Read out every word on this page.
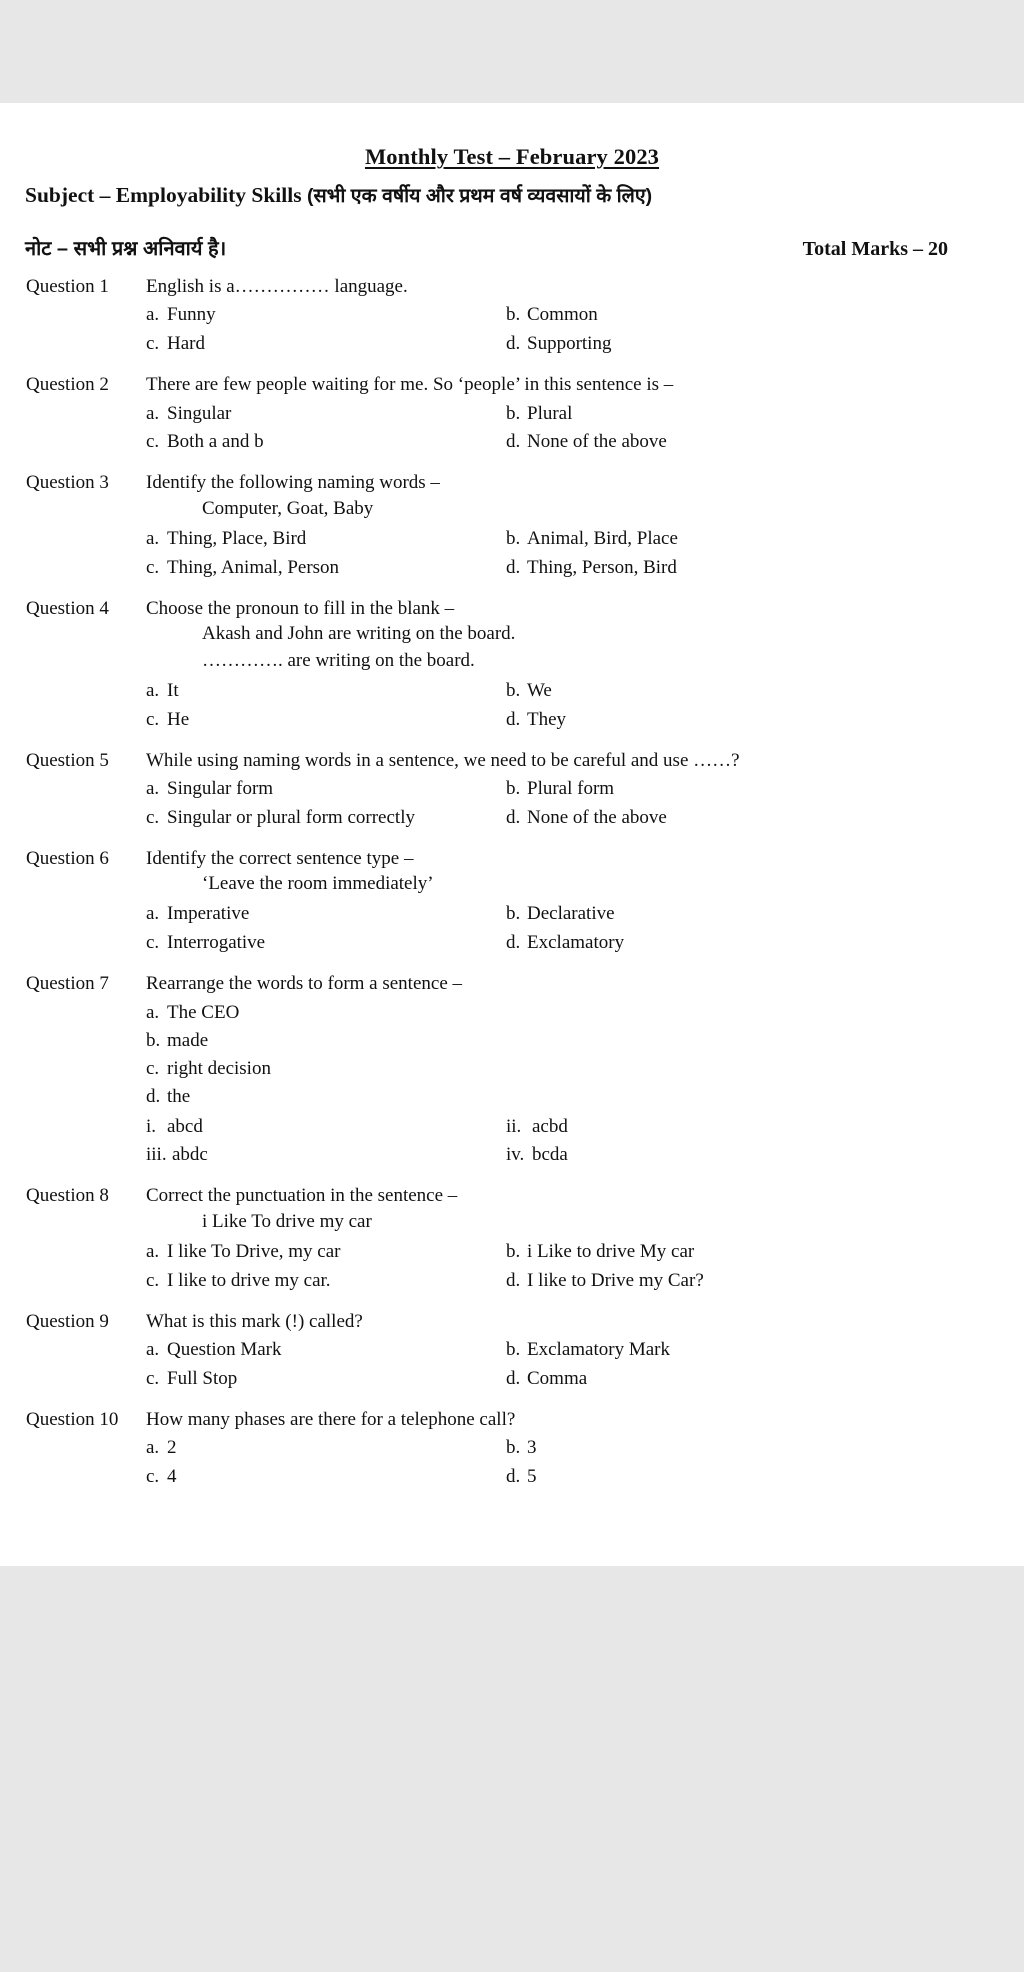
Monthly Test – February 2023
Subject – Employability Skills (सभी एक वर्षीय और प्रथम वर्ष व्यवसायों के लिए)
नोट – सभी प्रश्न अनिवार्य है।	Total Marks – 20
Question 1	English is a…………… language.
a. Funny	b. Common
c. Hard	d. Supporting
Question 2	There are few people waiting for me. So ‘people’ in this sentence is –
a. Singular	b. Plural
c. Both a and b	d. None of the above
Question 3	Identify the following naming words –
Computer, Goat, Baby
a. Thing, Place, Bird	b. Animal, Bird, Place
c. Thing, Animal, Person	d. Thing, Person, Bird
Question 4	Choose the pronoun to fill in the blank –
Akash and John are writing on the board.
…………. are writing on the board.
a. It	b. We
c. He	d. They
Question 5	While using naming words in a sentence, we need to be careful and use ……?
a. Singular form	b. Plural form
c. Singular or plural form correctly	d. None of the above
Question 6	Identify the correct sentence type –
‘Leave the room immediately’
a. Imperative	b. Declarative
c. Interrogative	d. Exclamatory
Question 7	Rearrange the words to form a sentence –
a. The CEO
b. made
c. right decision
d. the
i. abcd	ii. acbd
iii. abdc	iv. bcda
Question 8	Correct the punctuation in the sentence –
i Like To drive my car
a. I like To Drive, my car	b. i Like to drive My car
c. I like to drive my car.	d. I like to Drive my Car?
Question 9	What is this mark (!) called?
a. Question Mark	b. Exclamatory Mark
c. Full Stop	d. Comma
Question 10	How many phases are there for a telephone call?
a. 2	b. 3
c. 4	d. 5
